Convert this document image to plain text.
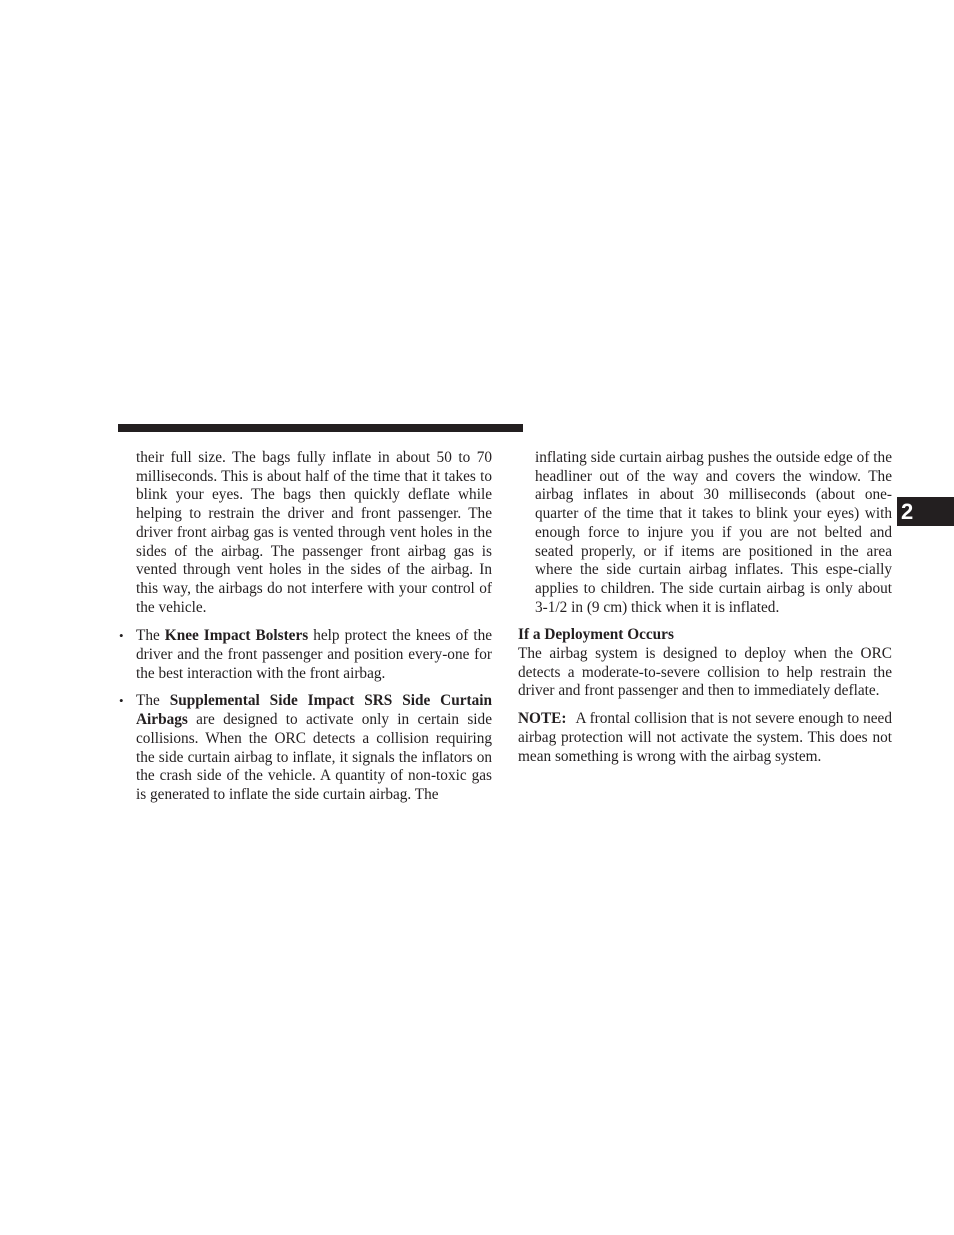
2

their full size. The bags fully inflate in about 50 to 70 milliseconds. This is about half of the time that it takes to blink your eyes. The bags then quickly deflate while helping to restrain the driver and front passenger. The driver front airbag gas is vented through vent holes in the sides of the airbag. The passenger front airbag gas is vented through vent holes in the sides of the airbag. In this way, the airbags do not interfere with your control of the vehicle.

• The Knee Impact Bolsters help protect the knees of the driver and the front passenger and position every-one for the best interaction with the front airbag.

• The Supplemental Side Impact SRS Side Curtain Airbags are designed to activate only in certain side collisions. When the ORC detects a collision requiring the side curtain airbag to inflate, it signals the inflators on the crash side of the vehicle. A quantity of non-toxic gas is generated to inflate the side curtain airbag. The

inflating side curtain airbag pushes the outside edge of the headliner out of the way and covers the window. The airbag inflates in about 30 milliseconds (about one-quarter of the time that it takes to blink your eyes) with enough force to injure you if you are not belted and seated properly, or if items are positioned in the area where the side curtain airbag inflates. This espe-cially applies to children. The side curtain airbag is only about 3-1/2 in (9 cm) thick when it is inflated.

If a Deployment Occurs

The airbag system is designed to deploy when the ORC detects a moderate-to-severe collision to help restrain the driver and front passenger and then to immediately deflate.

NOTE: A frontal collision that is not severe enough to need airbag protection will not activate the system. This does not mean something is wrong with the airbag system.
